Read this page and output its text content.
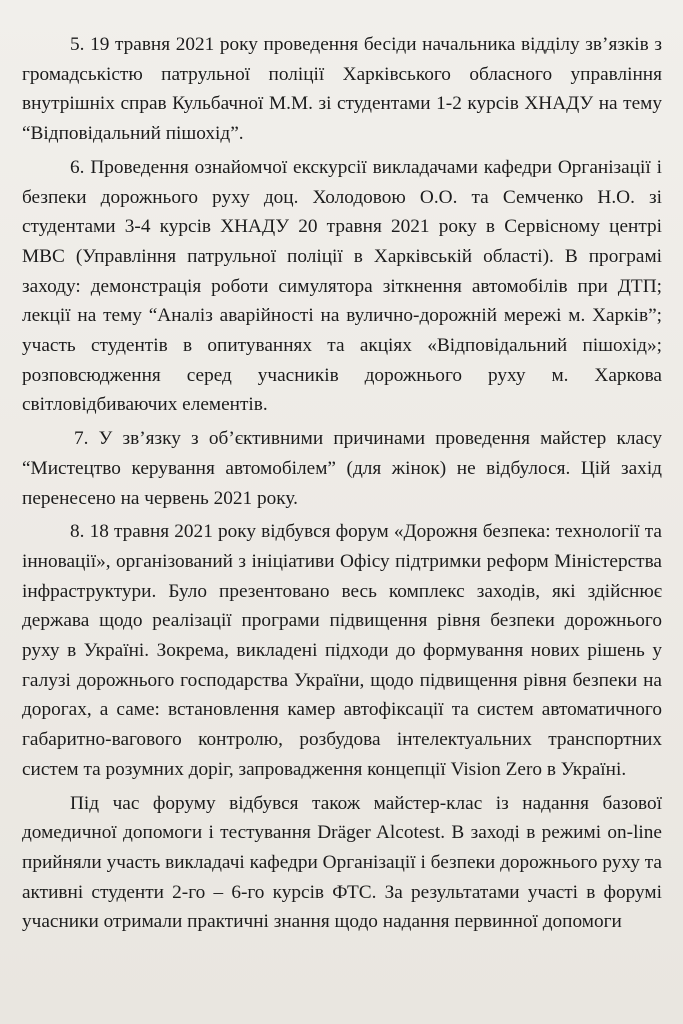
5. 19 травня 2021 року проведення бесіди начальника відділу зв’язків з громадськістю патрульної поліції Харківського обласного управління внутрішніх справ Кульбачної М.М. зі студентами 1-2 курсів ХНАДУ на тему “Відповідальний пішохід”.

6. Проведення ознайомчої екскурсії викладачами кафедри Організації і безпеки дорожнього руху доц. Холодовою О.О. та Семченко Н.О. зі студентами 3-4 курсів ХНАДУ 20 травня 2021 року в Сервісному центрі МВС (Управління патрульної поліції в Харківській області). В програмі заходу: демонстрація роботи симулятора зіткнення автомобілів при ДТП; лекції на тему “Аналіз аварійності на вулично-дорожній мережі м. Харків”; участь студентів в опитуваннях та акціях «Відповідальний пішохід»; розповсюдження серед учасників дорожнього руху м. Харкова світловідбиваючих елементів.

7. У зв’язку з об’єктивними причинами проведення майстер класу “Мистецтво керування автомобілем” (для жінок) не відбулося. Цій захід перенесено на червень 2021 року.

8. 18 травня 2021 року відбувся форум «Дорожня безпека: технології та інновації», організований з ініціативи Офісу підтримки реформ Міністерства інфраструктури. Було презентовано весь комплекс заходів, які здійснює держава щодо реалізації програми підвищення рівня безпеки дорожнього руху в Україні. Зокрема, викладені підходи до формування нових рішень у галузі дорожнього господарства України, щодо підвищення рівня безпеки на дорогах, а саме: встановлення камер автофіксації та систем автоматичного габаритно-вагового контролю, розбудова інтелектуальних транспортних систем та розумних доріг, запровадження концепції Vision Zero в Україні.

Під час форуму відбувся також майстер-клас із надання базової домедичної допомоги і тестування Dräger Alcotest. В заході в режимі on-line прийняли участь викладачі кафедри Організації і безпеки дорожнього руху та активні студенти 2-го – 6-го курсів ФТС. За результатами участі в форумі учасники отримали практичні знання щодо надання первинної допомоги
